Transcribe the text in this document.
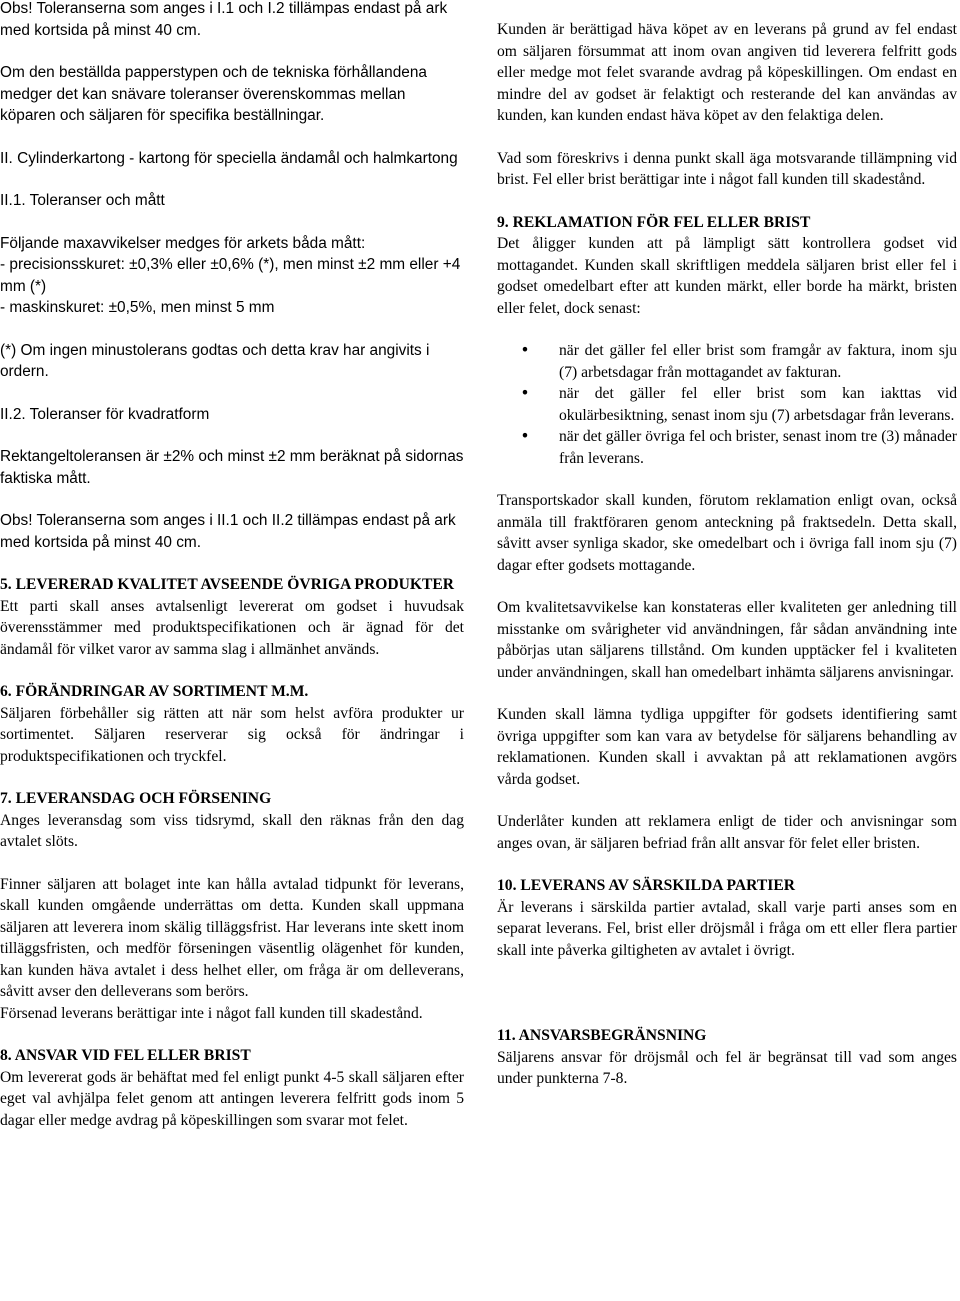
Obs! Toleranserna som anges i I.1 och I.2 tillämpas endast på ark med kortsida på minst 40 cm.

Om den beställda papperstypen och de tekniska förhållandena medger det kan snävare toleranser överenskommas mellan köparen och säljaren för specifika beställningar.

II. Cylinderkartong - kartong för speciella ändamål och halmkartong

II.1. Toleranser och mått

Följande maxavvikelser medges för arkets båda mått:

- precisionsskuret: ±0,3% eller ±0,6% (*), men minst ±2 mm eller +4 mm (*)

- maskinskuret: ±0,5%, men minst 5 mm

(*) Om ingen minustolerans godtas och detta krav har angivits i ordern.

II.2. Toleranser för kvadratform

Rektangeltoleransen är ±2% och minst ±2 mm beräknat på sidornas faktiska mått.

Obs! Toleranserna som anges i II.1 och II.2 tillämpas endast på ark med kortsida på minst 40 cm.

5. LEVERERAD KVALITET AVSEENDE ÖVRIGA PRODUKTER

Ett parti skall anses avtalsenligt levererat om godset i huvudsak överensstämmer med produktspecifikationen och är ägnad för det ändamål för vilket varor av samma slag i allmänhet används.

6. FÖRÄNDRINGAR AV SORTIMENT M.M.

Säljaren förbehåller sig rätten att när som helst avföra produkter ur sortimentet. Säljaren reserverar sig också för ändringar i produktspecifikationen och tryckfel.

7. LEVERANSDAG OCH FÖRSENING

Anges leveransdag som viss tidsrymd, skall den räknas från den dag avtalet slöts.

Finner säljaren att bolaget inte kan hålla avtalad tidpunkt för leverans, skall kunden omgående underrättas om detta. Kunden skall uppmana säljaren att leverera inom skälig tilläggsfrist. Har leverans inte skett inom tilläggsfristen, och medför förseningen väsentlig olägenhet för kunden, kan kunden häva avtalet i dess helhet eller, om fråga är om delleverans, såvitt avser den delleverans som berörs.

Försenad leverans berättigar inte i något fall kunden till skadestånd.

8. ANSVAR VID FEL ELLER BRIST

Om levererat gods är behäftat med fel enligt punkt 4-5 skall säljaren efter eget val avhjälpa felet genom att antingen leverera felfritt gods inom 5 dagar eller medge avdrag på köpeskillingen som svarar mot felet.

Kunden är berättigad häva köpet av en leverans på grund av fel endast om säljaren försummat att inom ovan angiven tid leverera felfritt gods eller medge mot felet svarande avdrag på köpeskillingen. Om endast en mindre del av godset är felaktigt och resterande del kan användas av kunden, kan kunden endast häva köpet av den felaktiga delen.

Vad som föreskrivs i denna punkt skall äga motsvarande tillämpning vid brist. Fel eller brist berättigar inte i något fall kunden till skadestånd.

9. REKLAMATION FÖR FEL ELLER BRIST

Det åligger kunden att på lämpligt sätt kontrollera godset vid mottagandet. Kunden skall skriftligen meddela säljaren brist eller fel i godset omedelbart efter att kunden märkt, eller borde ha märkt, bristen eller felet, dock senast:

•	när det gäller fel eller brist som framgår av faktura, inom sju (7) arbetsdagar från mottagandet av fakturan.
•	när det gäller fel eller brist som kan iakttas vid okulärbesiktning, senast inom sju (7) arbetsdagar från leverans.
•	när det gäller övriga fel och brister, senast inom tre (3) månader från leverans.

Transportskador skall kunden, förutom reklamation enligt ovan, också anmäla till fraktföraren genom anteckning på fraktsedeln. Detta skall, såvitt avser synliga skador, ske omedelbart och i övriga fall inom sju (7) dagar efter godsets mottagande.

Om kvalitetsavvikelse kan konstateras eller kvaliteten ger anledning till misstanke om svårigheter vid användningen, får sådan användning inte påbörjas utan säljarens tillstånd. Om kunden upptäcker fel i kvaliteten under användningen, skall han omedelbart inhämta säljarens anvisningar.

Kunden skall lämna tydliga uppgifter för godsets identifiering samt övriga uppgifter som kan vara av betydelse för säljarens behandling av reklamationen. Kunden skall i avvaktan på att reklamationen avgörs vårda godset.

Underlåter kunden att reklamera enligt de tider och anvisningar som anges ovan, är säljaren befriad från allt ansvar för felet eller bristen.

10. LEVERANS AV SÄRSKILDA PARTIER

Är leverans i särskilda partier avtalad, skall varje parti anses som en separat leverans. Fel, brist eller dröjsmål i fråga om ett eller flera partier skall inte påverka giltigheten av avtalet i övrigt.

11. ANSVARSBEGRÄNSNING

Säljarens ansvar för dröjsmål och fel är begränsat till vad som anges under punkterna 7-8.
